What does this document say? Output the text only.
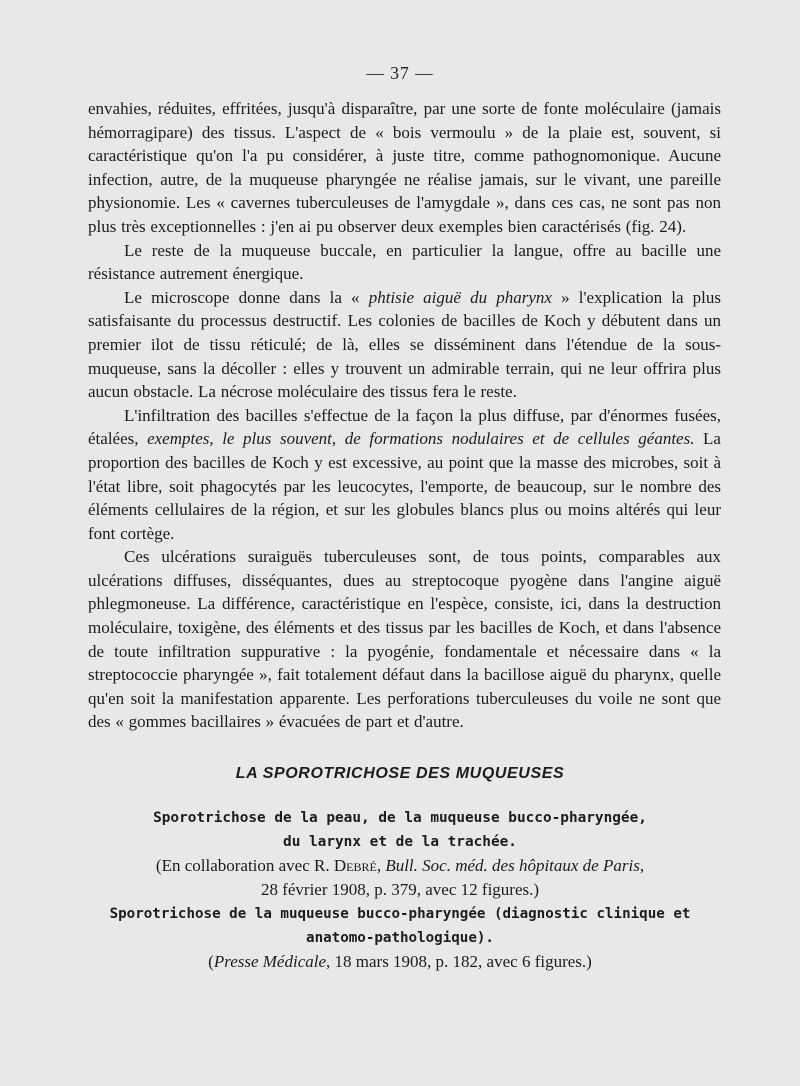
— 37 —

envahies, réduites, effritées, jusqu'à disparaître, par une sorte de fonte moléculaire (jamais hémorragipare) des tissus. L'aspect de « bois vermoulu » de la plaie est, souvent, si caractéristique qu'on l'a pu considérer, à juste titre, comme pathognomonique. Aucune infection, autre, de la muqueuse pharyngée ne réalise jamais, sur le vivant, une pareille physionomie. Les « cavernes tuberculeuses de l'amygdale », dans ces cas, ne sont pas non plus très exceptionnelles : j'en ai pu observer deux exemples bien caractérisés (fig. 24).

Le reste de la muqueuse buccale, en particulier la langue, offre au bacille une résistance autrement énergique.

Le microscope donne dans la « phtisie aiguë du pharynx » l'explication la plus satisfaisante du processus destructif. Les colonies de bacilles de Koch y débutent dans un premier ilot de tissu réticulé; de là, elles se disséminent dans l'étendue de la sous-muqueuse, sans la décoller : elles y trouvent un admirable terrain, qui ne leur offrira plus aucun obstacle. La nécrose moléculaire des tissus fera le reste.

L'infiltration des bacilles s'effectue de la façon la plus diffuse, par d'énormes fusées, étalées, exemptes, le plus souvent, de formations nodulaires et de cellules géantes. La proportion des bacilles de Koch y est excessive, au point que la masse des microbes, soit à l'état libre, soit phagocytés par les leucocytes, l'emporte, de beaucoup, sur le nombre des éléments cellulaires de la région, et sur les globules blancs plus ou moins altérés qui leur font cortège.

Ces ulcérations suraiguës tuberculeuses sont, de tous points, comparables aux ulcérations diffuses, disséquantes, dues au streptocoque pyogène dans l'angine aiguë phlegmoneuse. La différence, caractéristique en l'espèce, consiste, ici, dans la destruction moléculaire, toxigène, des éléments et des tissus par les bacilles de Koch, et dans l'absence de toute infiltration suppurative : la pyogénie, fondamentale et nécessaire dans « la streptococcie pharyngée », fait totalement défaut dans la bacillose aiguë du pharynx, quelle qu'en soit la manifestation apparente. Les perforations tuberculeuses du voile ne sont que des « gommes bacillaires » évacuées de part et d'autre.

LA SPOROTRICHOSE DES MUQUEUSES
Sporotrichose de la peau, de la muqueuse bucco-pharyngée,
du larynx et de la trachée.
(En collaboration avec R. Debré, Bull. Soc. méd. des hôpitaux de Paris,
28 février 1908, p. 379, avec 12 figures.)
Sporotrichose de la muqueuse bucco-pharyngée (diagnostic clinique et
anatomo-pathologique).
(Presse Médicale, 18 mars 1908, p. 182, avec 6 figures.)
